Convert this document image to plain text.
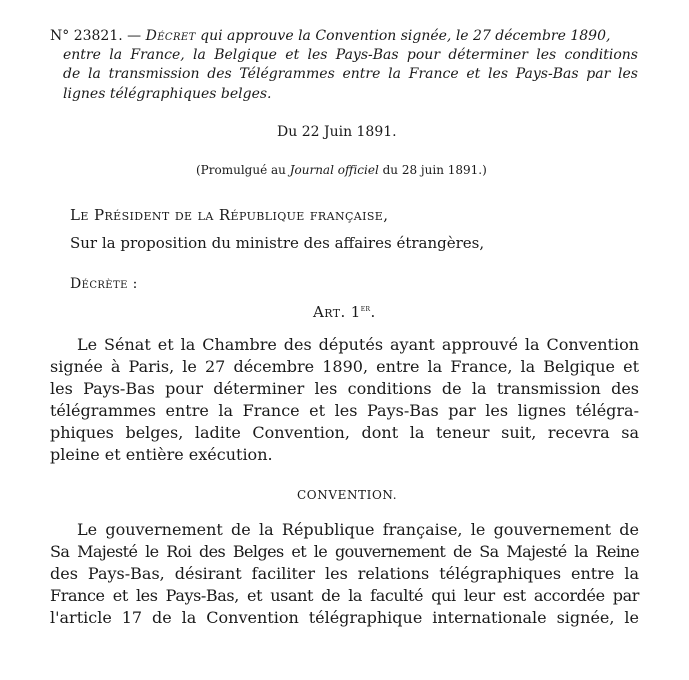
N° 23821. — Décret qui approuve la Convention signée, le 27 décembre 1890,
entre la France, la Belgique et les Pays-Bas pour déterminer les conditions
de la transmission des Télégrammes entre la France et les Pays-Bas par les
lignes télégraphiques belges.
Du 22 Juin 1891.
(Promulgué au Journal officiel du 28 juin 1891.)
Le Président de la République française,
Sur la proposition du ministre des affaires étrangères,
Décrète :
Art. 1er.
Le Sénat et la Chambre des députés ayant approuvé la Convention
signée à Paris, le 27 décembre 1890, entre la France, la Belgique et
les Pays-Bas pour déterminer les conditions de la transmission des
télégrammes entre la France et les Pays-Bas par les lignes télégra-
phiques belges, ladite Convention, dont la teneur suit, recevra sa
pleine et entière exécution.
CONVENTION.
Le gouvernement de la République française, le gouvernement de
Sa Majesté le Roi des Belges et le gouvernement de Sa Majesté la Reine
des Pays-Bas, désirant faciliter les relations télégraphiques entre la
France et les Pays-Bas, et usant de la faculté qui leur est accordée par
l'article 17 de la Convention télégraphique internationale signée, le
